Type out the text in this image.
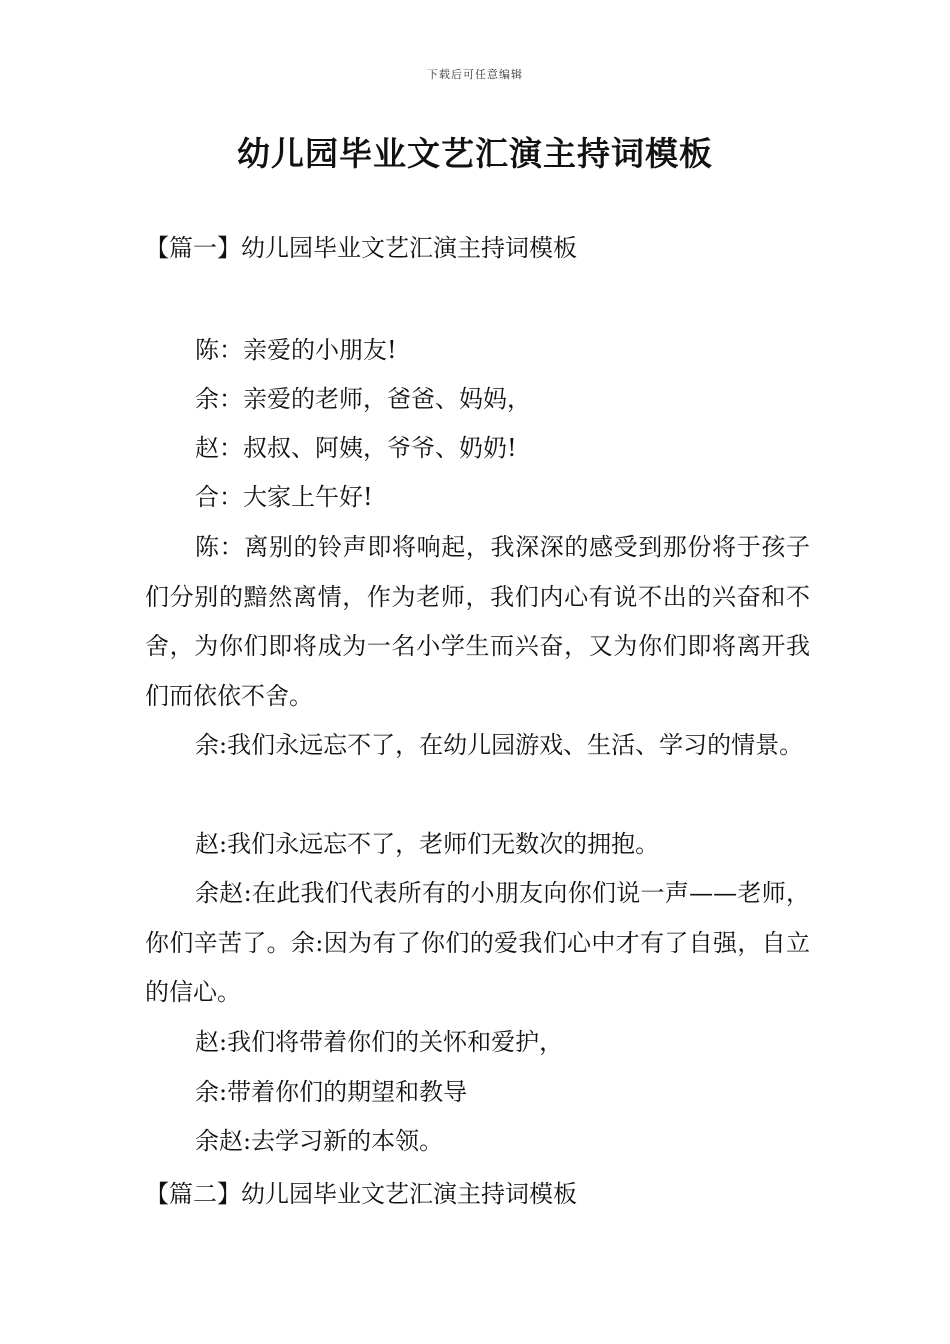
下载后可任意编辑
幼儿园毕业文艺汇演主持词模板
【篇一】幼儿园毕业文艺汇演主持词模板

陈：亲爱的小朋友!

余：亲爱的老师，爸爸、妈妈，

赵：叔叔、阿姨，爷爷、奶奶!

合：大家上午好!

陈：离别的铃声即将响起，我深深的感受到那份将于孩子们分别的黯然离情，作为老师，我们内心有说不出的兴奋和不舍，为你们即将成为一名小学生而兴奋，又为你们即将离开我们而依依不舍。

余:我们永远忘不了，在幼儿园游戏、生活、学习的情景。

赵:我们永远忘不了，老师们无数次的拥抱。

余赵:在此我们代表所有的小朋友向你们说一声——老师，你们辛苦了。余:因为有了你们的爱我们心中才有了自强，自立的信心。

赵:我们将带着你们的关怀和爱护，

余:带着你们的期望和教导

余赵:去学习新的本领。

【篇二】幼儿园毕业文艺汇演主持词模板
